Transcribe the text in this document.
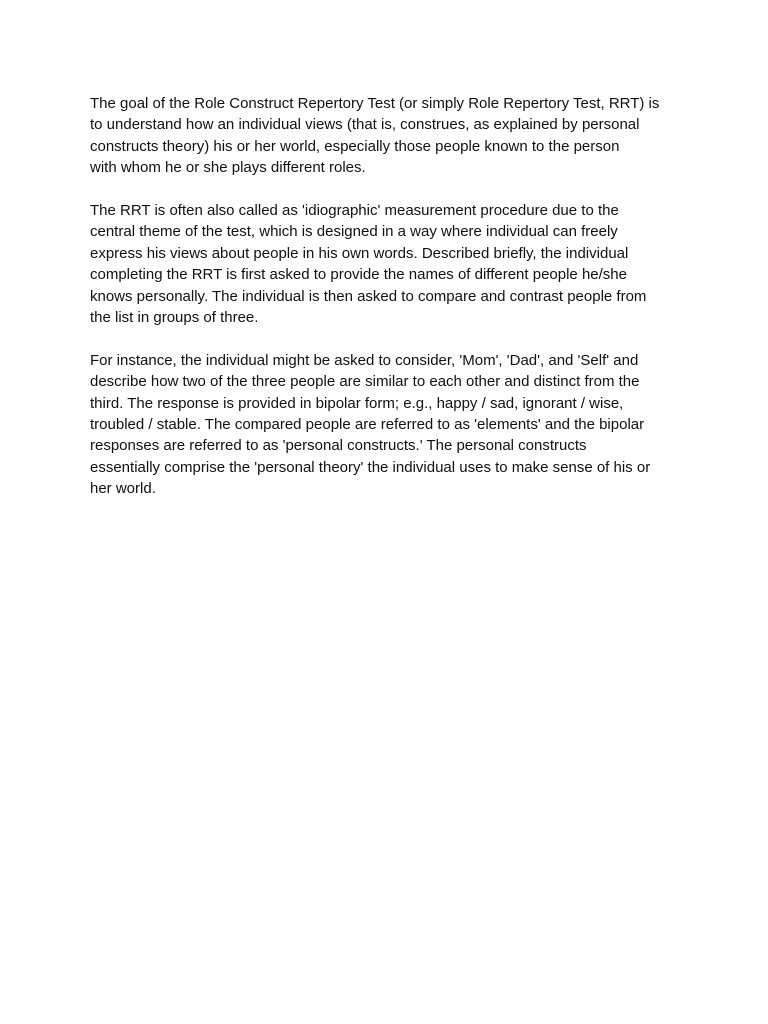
The goal of the Role Construct Repertory Test (or simply Role Repertory Test, RRT) is
to understand how an individual views (that is, construes, as explained by personal
constructs theory) his or her world, especially those people known to the person
with whom he or she plays different roles.

The RRT is often also called as 'idiographic' measurement procedure due to the
central theme of the test, which is designed in a way where individual can freely
express his views about people in his own words. Described briefly, the individual
completing the RRT is first asked to provide the names of different people he/she
knows personally. The individual is then asked to compare and contrast people from
the list in groups of three.

For instance, the individual might be asked to consider, 'Mom', 'Dad', and 'Self' and
describe how two of the three people are similar to each other and distinct from the
third. The response is provided in bipolar form; e.g., happy / sad, ignorant / wise,
troubled / stable. The compared people are referred to as 'elements' and the bipolar
responses are referred to as 'personal constructs.' The personal constructs
essentially comprise the 'personal theory' the individual uses to make sense of his or
her world.
